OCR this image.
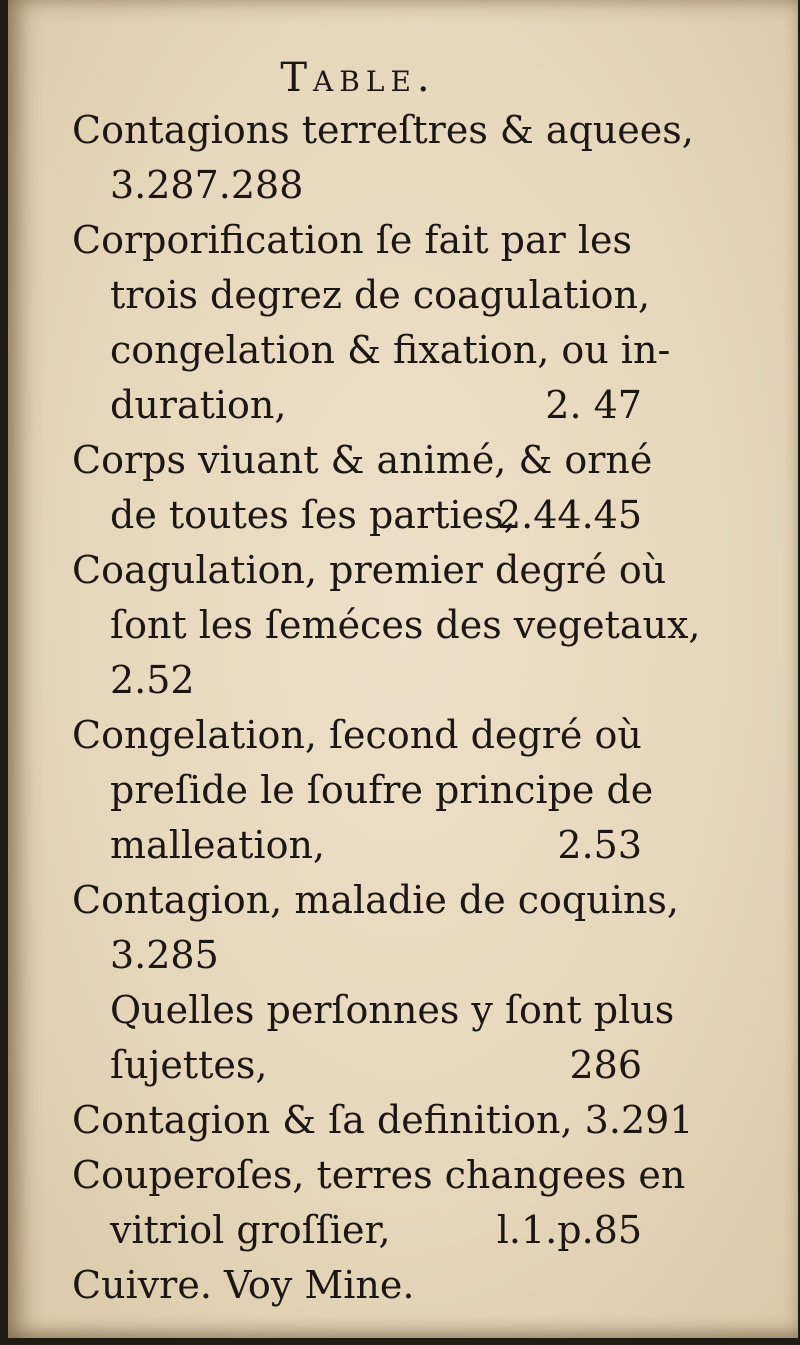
Table.
Contagions terreſtres & aquees,
3.287.288
Corporification ſe fait par les
trois degrez de coagulation,
congelation & fixation, ou in-
duration,	2. 47
Corps viuant & animé, & orné
de toutes ſes parties,
2.44.45
Coagulation, premier degré où
ſont les ſeméces des vegetaux,
2.52
Congelation, ſecond degré où
preſide le ſoufre principe de
malleation,	2.53
Contagion, maladie de coquins,
3.285
Quelles perſonnes y ſont plus
ſujettes,	286
Contagion & ſa definition, 3.291
Couperoſes, terres changees en
vitriol groſſier,	l.1.p.85
Cuivre. Voy Mine.
